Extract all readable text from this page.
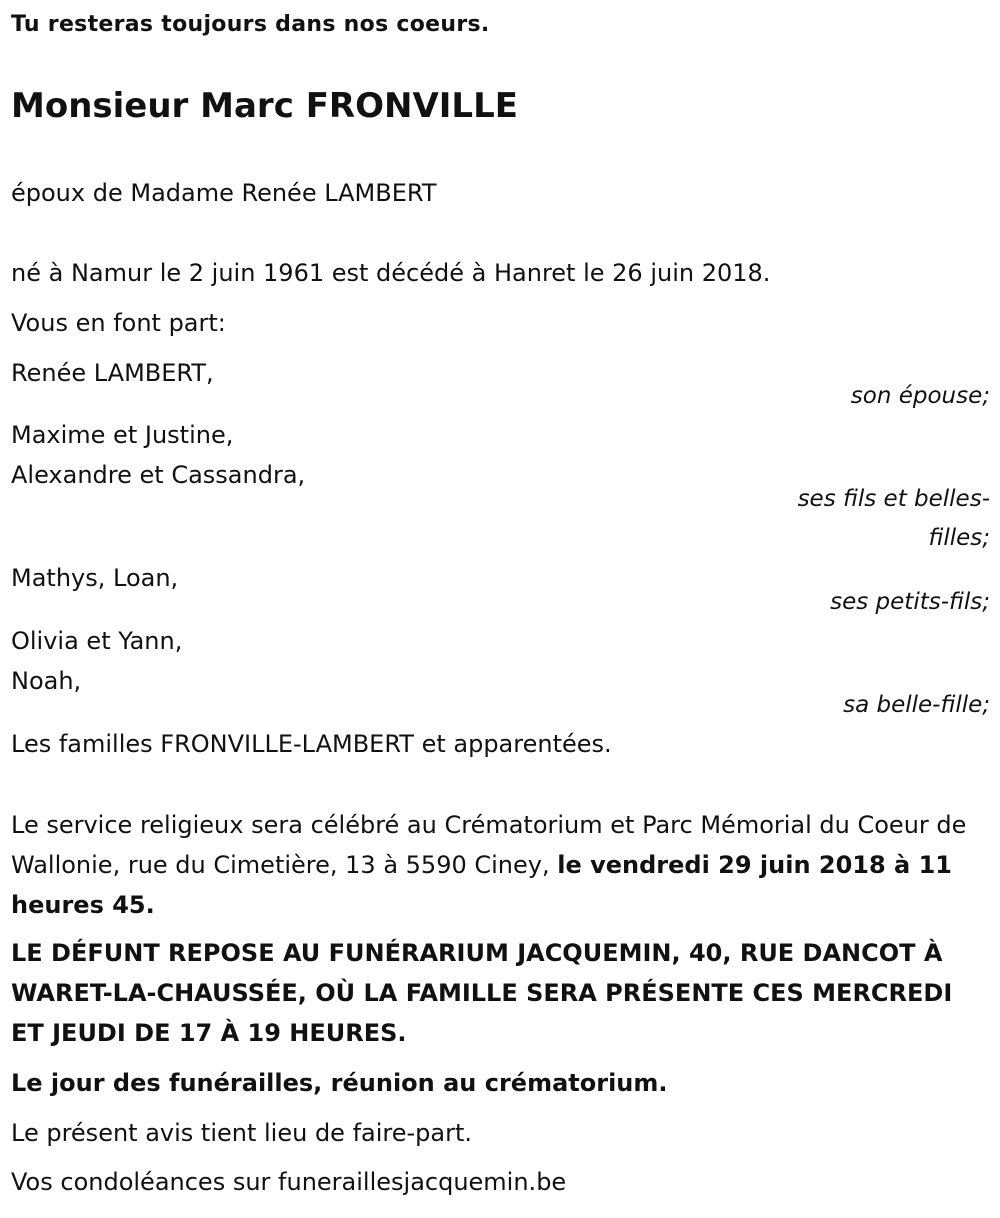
Tu resteras toujours dans nos coeurs.

Monsieur Marc FRONVILLE

époux de Madame Renée LAMBERT

né à Namur le 2 juin 1961 est décédé à Hanret le 26 juin 2018.

Vous en font part:

Renée LAMBERT,

son épouse;

Maxime et Justine,

Alexandre et Cassandra,

ses fils et belles-

filles;

Mathys, Loan,

ses petits-fils;

Olivia et Yann,

Noah,

sa belle-fille;

Les familles FRONVILLE-LAMBERT et apparentées.

Le service religieux sera célébré au Crématorium et Parc Mémorial du Coeur de Wallonie, rue du Cimetière, 13 à 5590 Ciney, le vendredi 29 juin 2018 à 11 heures 45.

LE DÉFUNT REPOSE AU FUNÉRARIUM JACQUEMIN, 40, RUE DANCOT À WARET-LA-CHAUSSÉE, OÙ LA FAMILLE SERA PRÉSENTE CES MERCREDI ET JEUDI DE 17 À 19 HEURES.

Le jour des funérailles, réunion au crématorium.

Le présent avis tient lieu de faire-part.

Vos condoléances sur funeraillesjacquemin.be
